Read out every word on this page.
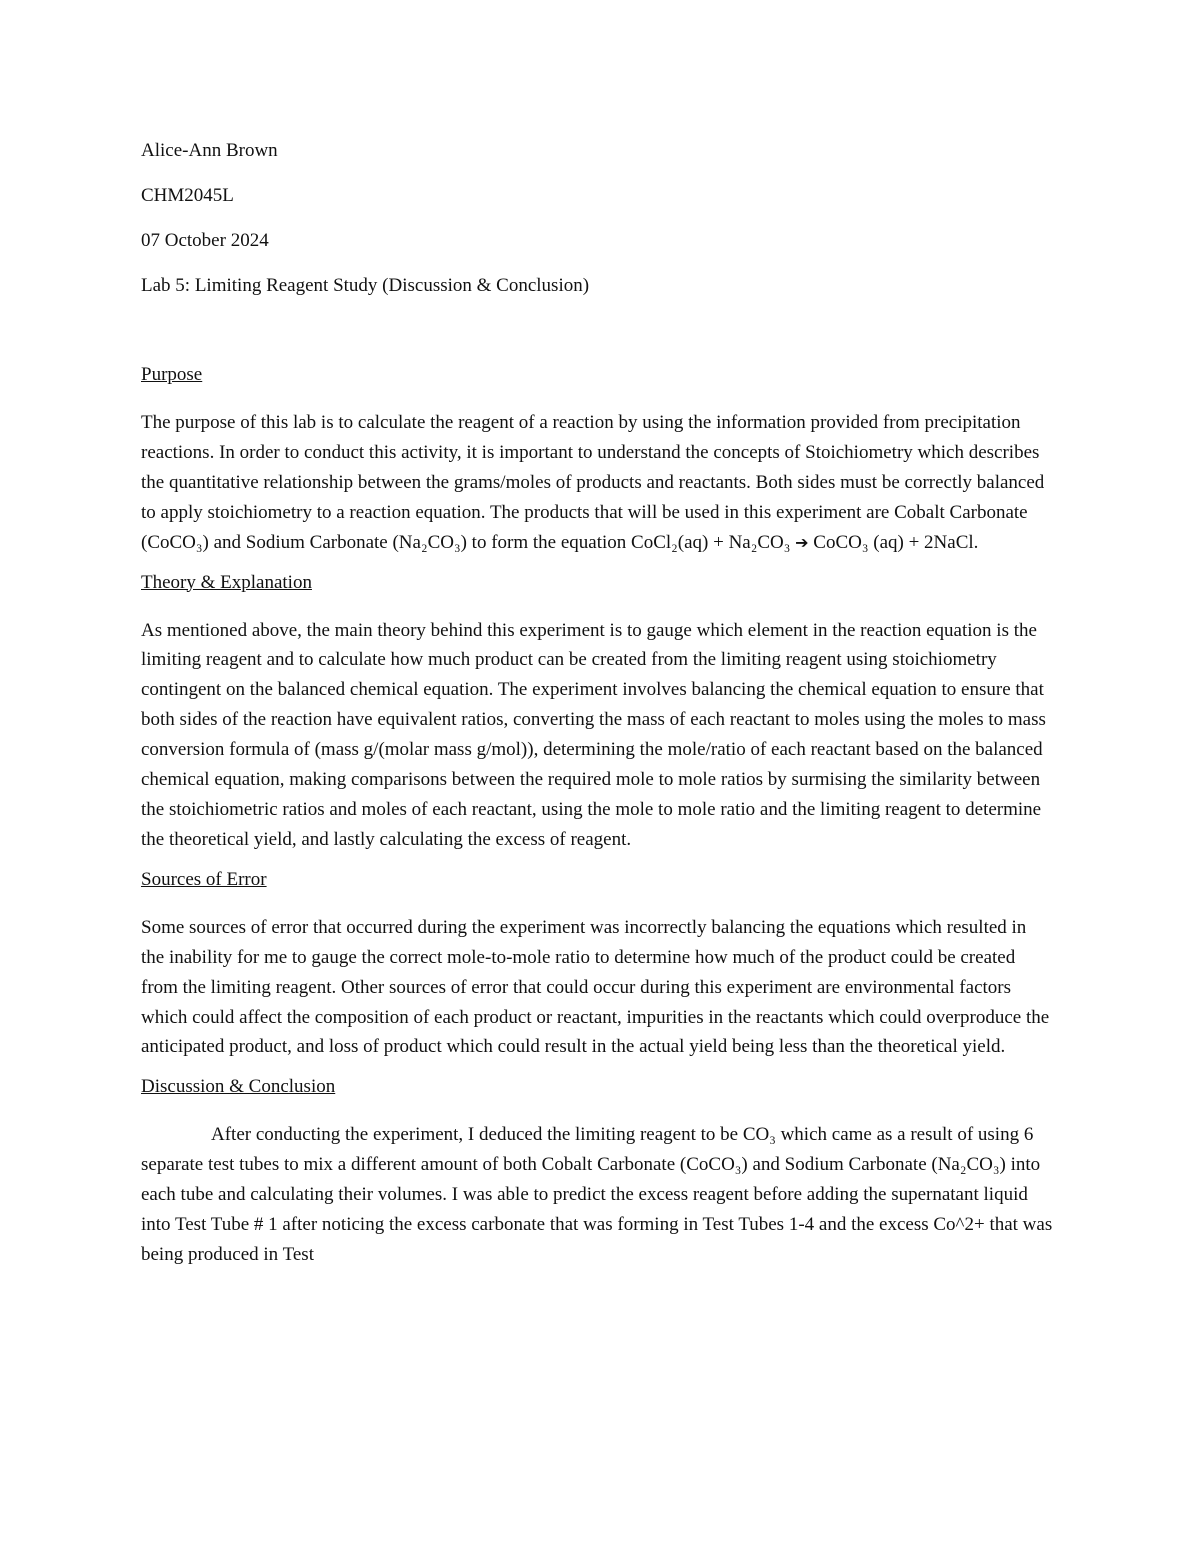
Alice-Ann Brown
CHM2045L
07 October 2024
Lab 5: Limiting Reagent Study (Discussion & Conclusion)
Purpose

The purpose of this lab is to calculate the reagent of a reaction by using the information provided from precipitation reactions. In order to conduct this activity, it is important to understand the concepts of Stoichiometry which describes the quantitative relationship between the grams/moles of products and reactants. Both sides must be correctly balanced to apply stoichiometry to a reaction equation. The products that will be used in this experiment are Cobalt Carbonate (CoCO₃) and Sodium Carbonate (Na₂CO₃) to form the equation CoCl₂(aq) + Na₂CO₃ ➔ CoCO₃ (aq) + 2NaCl.

Theory & Explanation

As mentioned above, the main theory behind this experiment is to gauge which element in the reaction equation is the limiting reagent and to calculate how much product can be created from the limiting reagent using stoichiometry contingent on the balanced chemical equation. The experiment involves balancing the chemical equation to ensure that both sides of the reaction have equivalent ratios, converting the mass of each reactant to moles using the moles to mass conversion formula of (mass g/(molar mass g/mol)), determining the mole/ratio of each reactant based on the balanced chemical equation, making comparisons between the required mole to mole ratios by surmising the similarity between the stoichiometric ratios and moles of each reactant, using the mole to mole ratio and the limiting reagent to determine the theoretical yield, and lastly calculating the excess of reagent.

Sources of Error

Some sources of error that occurred during the experiment was incorrectly balancing the equations which resulted in the inability for me to gauge the correct mole-to-mole ratio to determine how much of the product could be created from the limiting reagent. Other sources of error that could occur during this experiment are environmental factors which could affect the composition of each product or reactant, impurities in the reactants which could overproduce the anticipated product, and loss of product which could result in the actual yield being less than the theoretical yield.

Discussion & Conclusion

After conducting the experiment, I deduced the limiting reagent to be CO₃ which came as a result of using 6 separate test tubes to mix a different amount of both Cobalt Carbonate (CoCO₃) and Sodium Carbonate (Na₂CO₃) into each tube and calculating their volumes. I was able to predict the excess reagent before adding the supernatant liquid into Test Tube # 1 after noticing the excess carbonate that was forming in Test Tubes 1-4 and the excess Co^2+ that was being produced in Test
